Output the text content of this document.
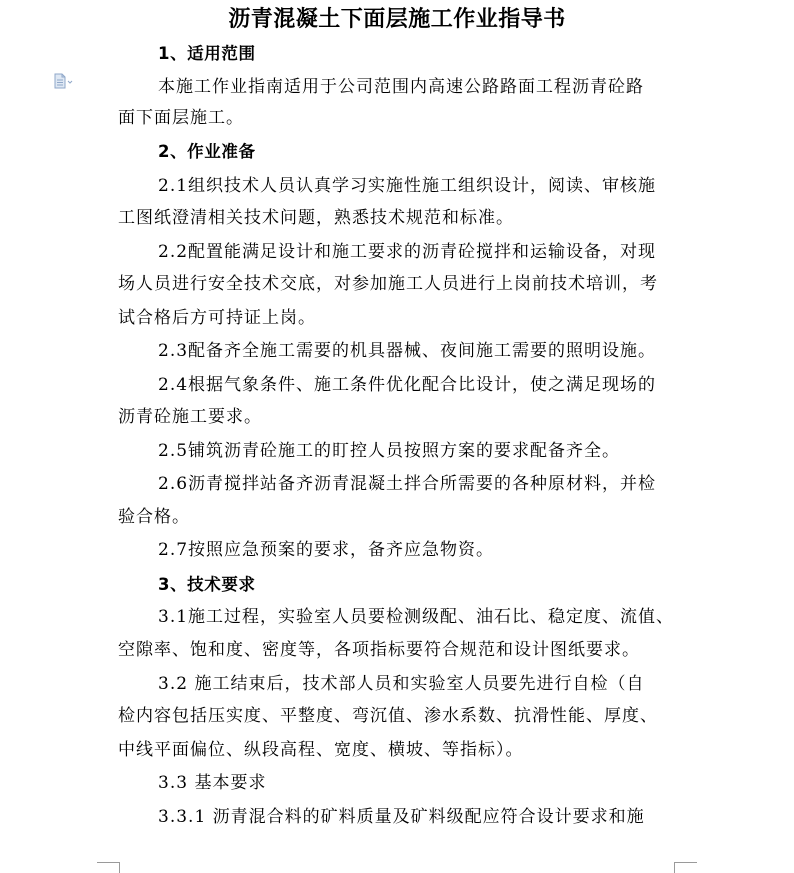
沥青混凝土下面层施工作业指导书
1、适用范围
本施工作业指南适用于公司范围内高速公路路面工程沥青砼路
面下面层施工。
2、作业准备
2.1组织技术人员认真学习实施性施工组织设计，阅读、审核施
工图纸澄清相关技术问题，熟悉技术规范和标准。
2.2配置能满足设计和施工要求的沥青砼搅拌和运输设备，对现
场人员进行安全技术交底，对参加施工人员进行上岗前技术培训，考
试合格后方可持证上岗。
2.3配备齐全施工需要的机具器械、夜间施工需要的照明设施。
2.4根据气象条件、施工条件优化配合比设计，使之满足现场的
沥青砼施工要求。
2.5铺筑沥青砼施工的盯控人员按照方案的要求配备齐全。
2.6沥青搅拌站备齐沥青混凝土拌合所需要的各种原材料，并检
验合格。
2.7按照应急预案的要求，备齐应急物资。
3、技术要求
3.1施工过程，实验室人员要检测级配、油石比、稳定度、流值、
空隙率、饱和度、密度等，各项指标要符合规范和设计图纸要求。
3.2 施工结束后，技术部人员和实验室人员要先进行自检（自
检内容包括压实度、平整度、弯沉值、渗水系数、抗滑性能、厚度、
中线平面偏位、纵段高程、宽度、横坡、等指标）。
3.3 基本要求
3.3.1 沥青混合料的矿料质量及矿料级配应符合设计要求和施
